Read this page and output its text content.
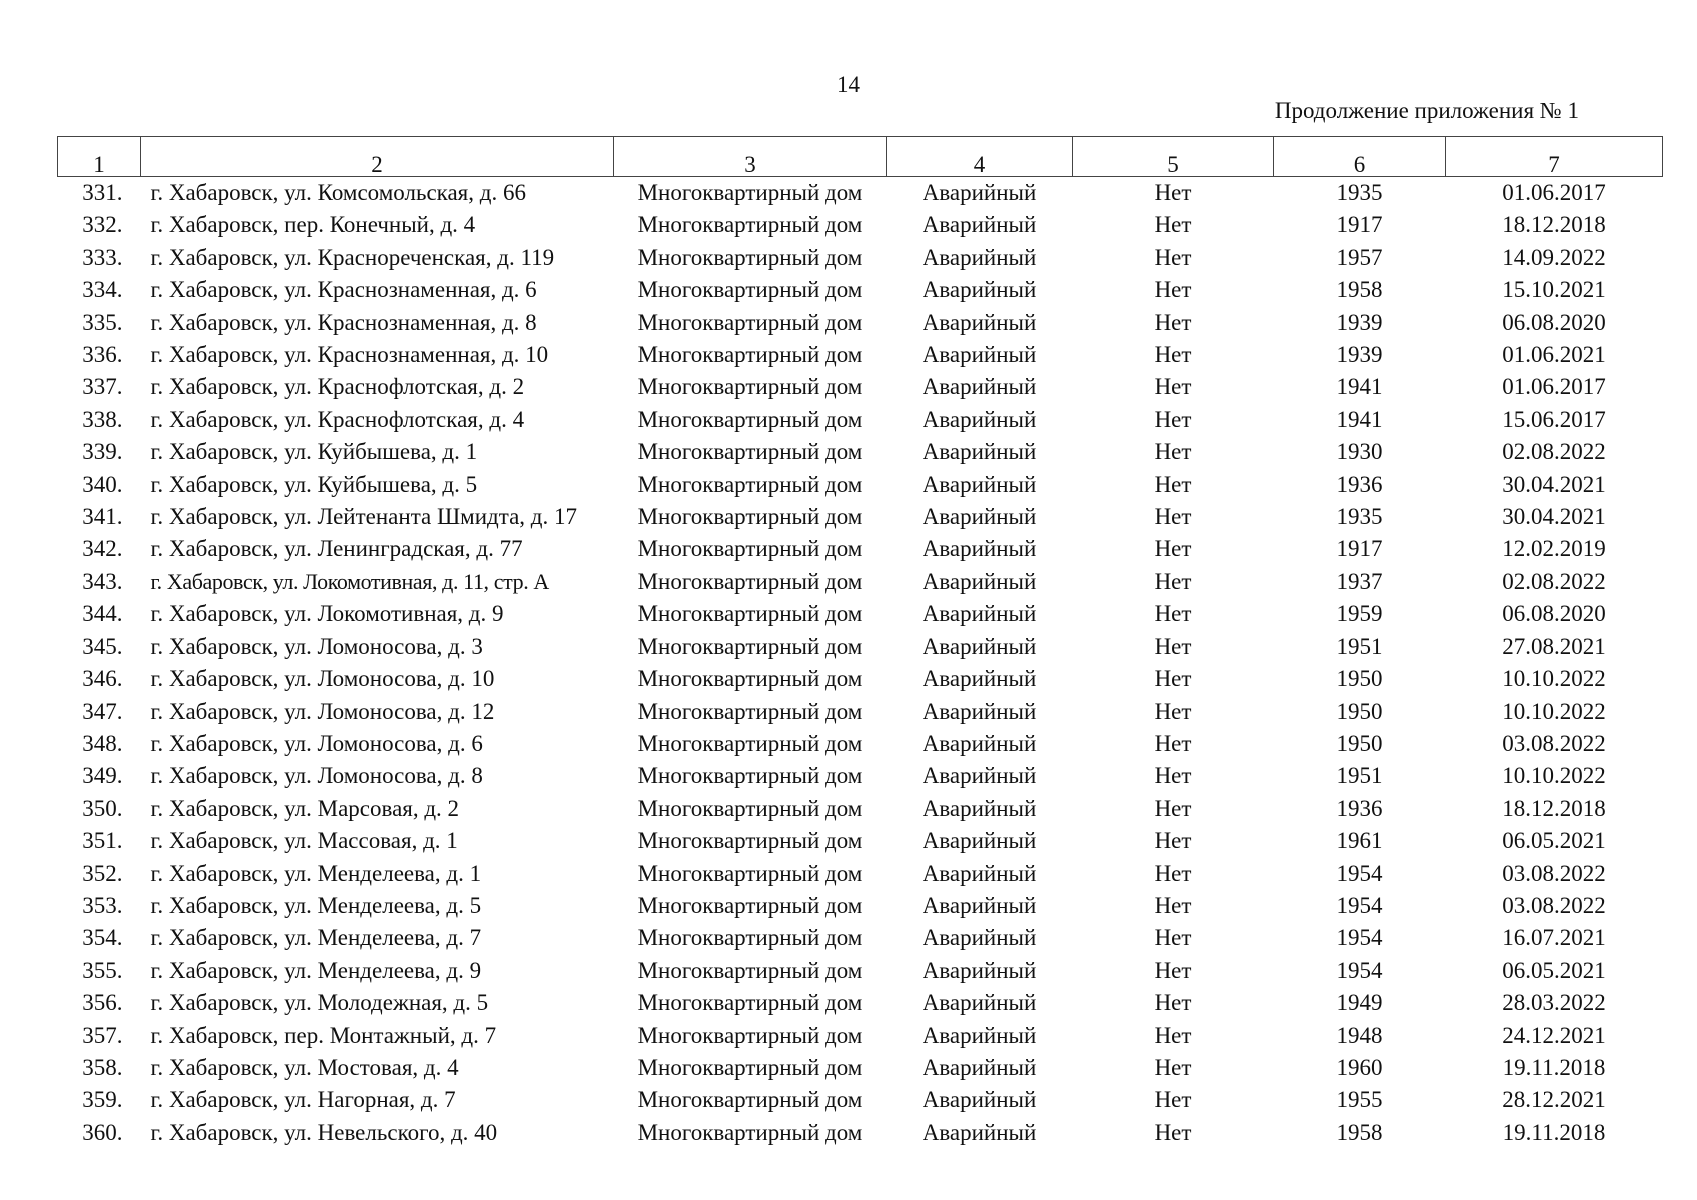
14
Продолжение приложения № 1
1	2	3	4	5	6	7
331.	г. Хабаровск, ул. Комсомольская, д. 66	Многоквартирный дом	Аварийный	Нет	1935	01.06.2017
332.	г. Хабаровск, пер. Конечный, д. 4	Многоквартирный дом	Аварийный	Нет	1917	18.12.2018
333.	г. Хабаровск, ул. Краснореченская, д. 119	Многоквартирный дом	Аварийный	Нет	1957	14.09.2022
334.	г. Хабаровск, ул. Краснознаменная, д. 6	Многоквартирный дом	Аварийный	Нет	1958	15.10.2021
335.	г. Хабаровск, ул. Краснознаменная, д. 8	Многоквартирный дом	Аварийный	Нет	1939	06.08.2020
336.	г. Хабаровск, ул. Краснознаменная, д. 10	Многоквартирный дом	Аварийный	Нет	1939	01.06.2021
337.	г. Хабаровск, ул. Краснофлотская, д. 2	Многоквартирный дом	Аварийный	Нет	1941	01.06.2017
338.	г. Хабаровск, ул. Краснофлотская, д. 4	Многоквартирный дом	Аварийный	Нет	1941	15.06.2017
339.	г. Хабаровск, ул. Куйбышева, д. 1	Многоквартирный дом	Аварийный	Нет	1930	02.08.2022
340.	г. Хабаровск, ул. Куйбышева, д. 5	Многоквартирный дом	Аварийный	Нет	1936	30.04.2021
341.	г. Хабаровск, ул. Лейтенанта Шмидта, д. 17	Многоквартирный дом	Аварийный	Нет	1935	30.04.2021
342.	г. Хабаровск, ул. Ленинградская, д. 77	Многоквартирный дом	Аварийный	Нет	1917	12.02.2019
343.	г. Хабаровск, ул. Локомотивная, д. 11, стр. А	Многоквартирный дом	Аварийный	Нет	1937	02.08.2022
344.	г. Хабаровск, ул. Локомотивная, д. 9	Многоквартирный дом	Аварийный	Нет	1959	06.08.2020
345.	г. Хабаровск, ул. Ломоносова, д. 3	Многоквартирный дом	Аварийный	Нет	1951	27.08.2021
346.	г. Хабаровск, ул. Ломоносова, д. 10	Многоквартирный дом	Аварийный	Нет	1950	10.10.2022
347.	г. Хабаровск, ул. Ломоносова, д. 12	Многоквартирный дом	Аварийный	Нет	1950	10.10.2022
348.	г. Хабаровск, ул. Ломоносова, д. 6	Многоквартирный дом	Аварийный	Нет	1950	03.08.2022
349.	г. Хабаровск, ул. Ломоносова, д. 8	Многоквартирный дом	Аварийный	Нет	1951	10.10.2022
350.	г. Хабаровск, ул. Марсовая, д. 2	Многоквартирный дом	Аварийный	Нет	1936	18.12.2018
351.	г. Хабаровск, ул. Массовая, д. 1	Многоквартирный дом	Аварийный	Нет	1961	06.05.2021
352.	г. Хабаровск, ул. Менделеева, д. 1	Многоквартирный дом	Аварийный	Нет	1954	03.08.2022
353.	г. Хабаровск, ул. Менделеева, д. 5	Многоквартирный дом	Аварийный	Нет	1954	03.08.2022
354.	г. Хабаровск, ул. Менделеева, д. 7	Многоквартирный дом	Аварийный	Нет	1954	16.07.2021
355.	г. Хабаровск, ул. Менделеева, д. 9	Многоквартирный дом	Аварийный	Нет	1954	06.05.2021
356.	г. Хабаровск, ул. Молодежная, д. 5	Многоквартирный дом	Аварийный	Нет	1949	28.03.2022
357.	г. Хабаровск, пер. Монтажный, д. 7	Многоквартирный дом	Аварийный	Нет	1948	24.12.2021
358.	г. Хабаровск, ул. Мостовая, д. 4	Многоквартирный дом	Аварийный	Нет	1960	19.11.2018
359.	г. Хабаровск, ул. Нагорная, д. 7	Многоквартирный дом	Аварийный	Нет	1955	28.12.2021
360.	г. Хабаровск, ул. Невельского, д. 40	Многоквартирный дом	Аварийный	Нет	1958	19.11.2018
